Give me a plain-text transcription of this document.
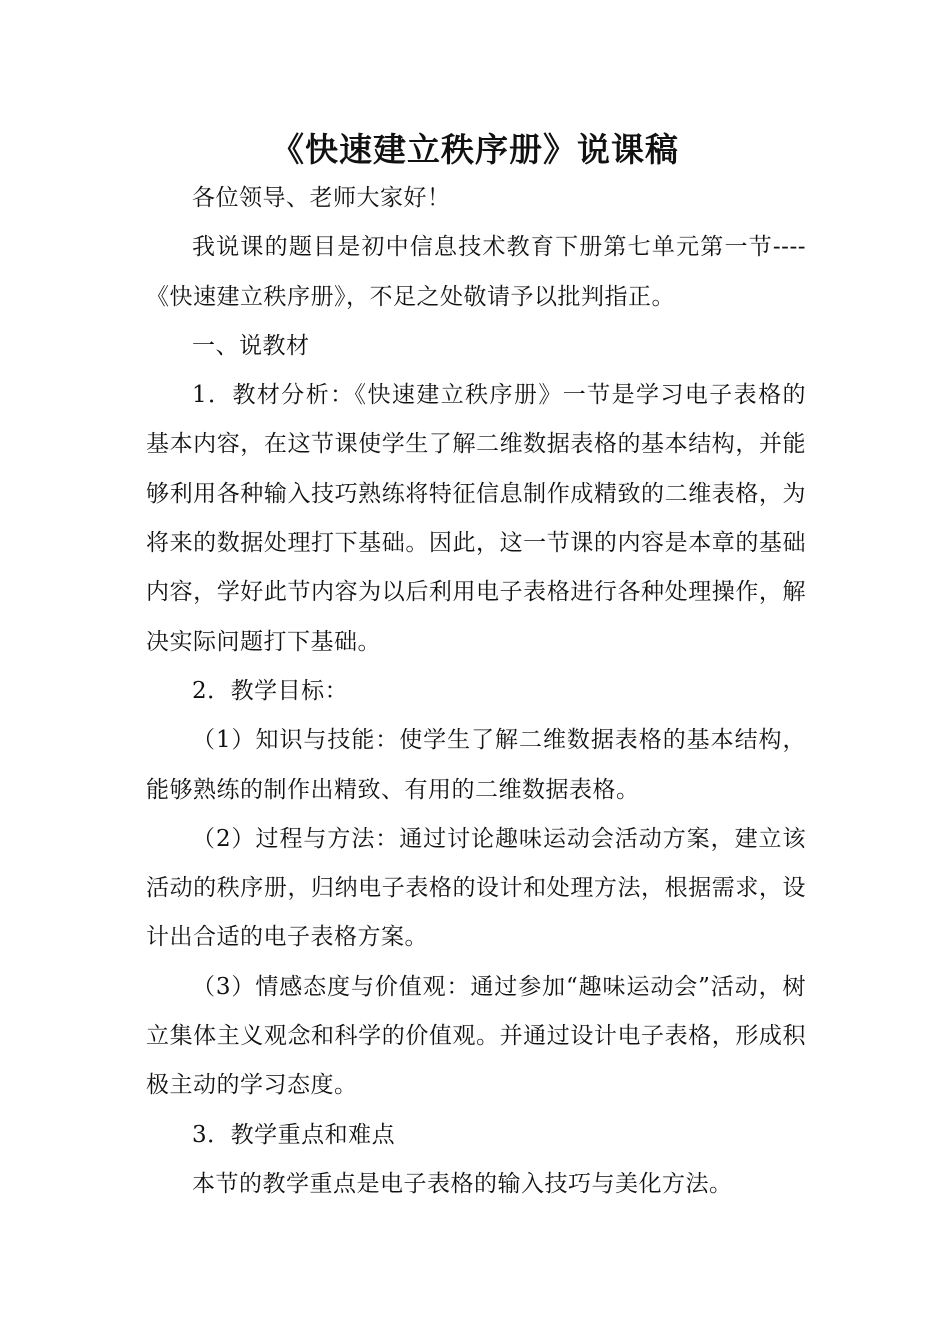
《快速建立秩序册》说课稿

各位领导、老师大家好！

我说课的题目是初中信息技术教育下册第七单元第一节----《快速建立秩序册》，不足之处敬请予以批判指正。

一、说教材

1．教材分析：《快速建立秩序册》一节是学习电子表格的基本内容，在这节课使学生了解二维数据表格的基本结构，并能够利用各种输入技巧熟练将特征信息制作成精致的二维表格，为将来的数据处理打下基础。因此，这一节课的内容是本章的基础内容，学好此节内容为以后利用电子表格进行各种处理操作，解决实际问题打下基础。

2．教学目标：

（1）知识与技能：使学生了解二维数据表格的基本结构，能够熟练的制作出精致、有用的二维数据表格。

（2）过程与方法：通过讨论趣味运动会活动方案，建立该活动的秩序册，归纳电子表格的设计和处理方法，根据需求，设计出合适的电子表格方案。

（3）情感态度与价值观：通过参加“趣味运动会”活动，树立集体主义观念和科学的价值观。并通过设计电子表格，形成积极主动的学习态度。

3．教学重点和难点

本节的教学重点是电子表格的输入技巧与美化方法。
